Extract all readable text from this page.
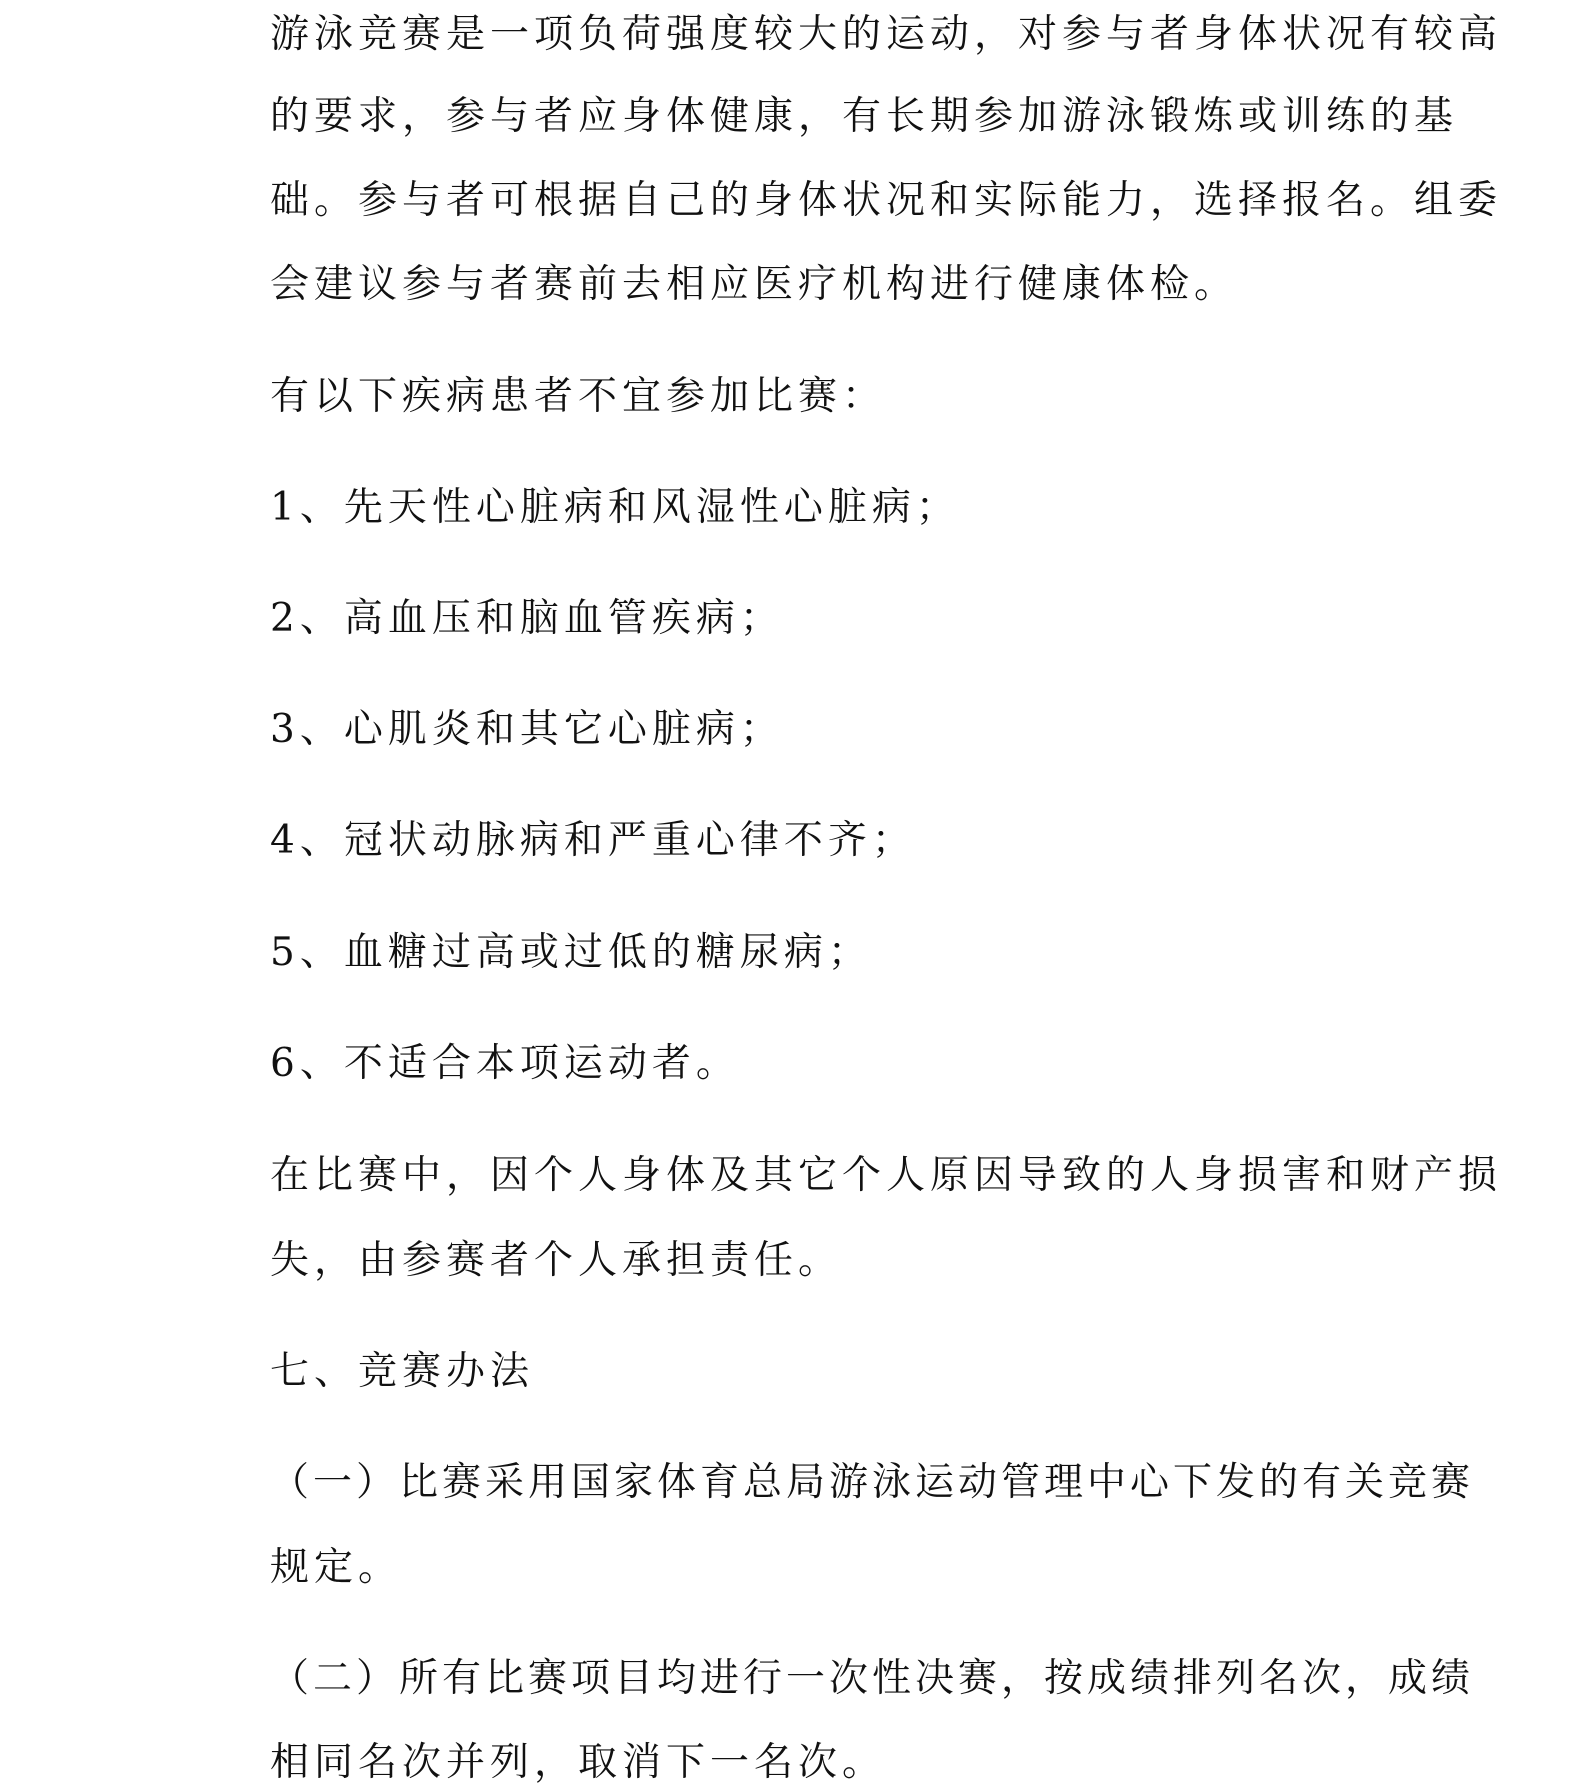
游泳竞赛是一项负荷强度较大的运动，对参与者身体状况有较高

的要求，参与者应身体健康，有长期参加游泳锻炼或训练的基

础。参与者可根据自己的身体状况和实际能力，选择报名。组委

会建议参与者赛前去相应医疗机构进行健康体检。

有以下疾病患者不宜参加比赛：

1、先天性心脏病和风湿性心脏病；

2、高血压和脑血管疾病；

3、心肌炎和其它心脏病；

4、冠状动脉病和严重心律不齐；

5、血糖过高或过低的糖尿病；

6、不适合本项运动者。

在比赛中，因个人身体及其它个人原因导致的人身损害和财产损

失，由参赛者个人承担责任。

七、竞赛办法

（一）比赛采用国家体育总局游泳运动管理中心下发的有关竞赛

规定。

（二）所有比赛项目均进行一次性决赛，按成绩排列名次，成绩

相同名次并列，取消下一名次。
